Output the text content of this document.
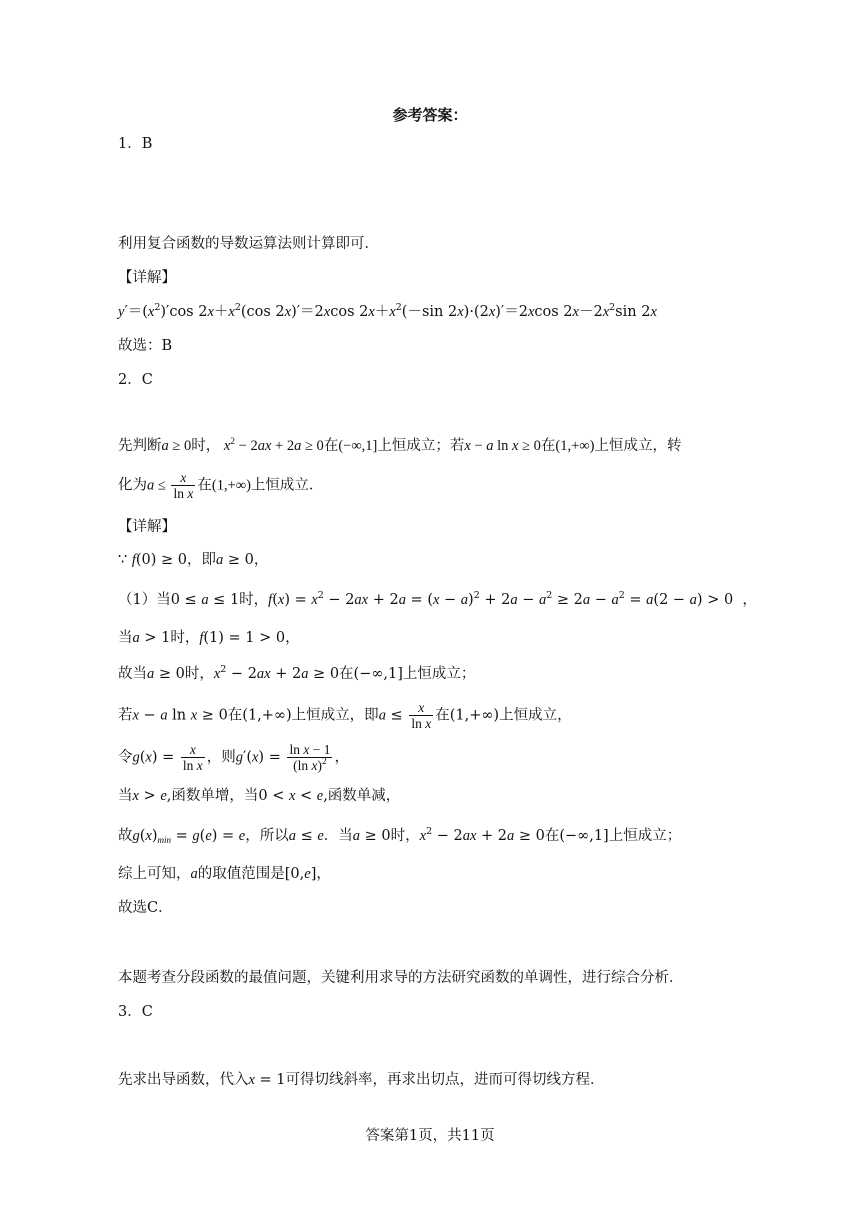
参考答案：
1．B
利用复合函数的导数运算法则计算即可．
【详解】
$y'=(x^2)'\cos$ $2x+x^2(\cos$ 2x)′＝2xcos $2x+x^2(-\sin$ 2x)·(2x)′＝2xcos $2x-2x^2\sin$ 2x
故选：B
2．C
先判断a ≥ 0时， $x^2 - 2ax + 2a \ge 0$在(−∞,1]上恒成立；若x − a ln x ≥ 0在(1,+∞)上恒成立，转
化为$a \le \frac{x}{\text{ln x}}$ 在(1,+∞)上恒成立．
【详解】
∵ f(0) ≥ 0，即a ≥ 0，
（1）当0 ≤ a ≤ 1时，$f(x) = x^2 - 2ax + 2a = (x - a)^2 + 2a - a^2 \ge 2a - a^2 = a(2 - a) > 0$  ，
当a > 1时，f(1) = 1 > 0，
故当a ≥ 0时，$x^2 - 2ax + 2a \ge 0$在(−∞,1]上恒成立；
若x − a ln x ≥ 0在(1,+∞)上恒成立，即$a \le \frac{x}{\text{ln x}}$ 在(1,+∞)上恒成立，
令$g(x) = \frac{x}{\text{ln x}}$ ，则$g'(x) = \frac{\text{ln x − 1}}{(\ln x)^2}$ ，
当x > e,函数单增，当0 < x < e,函数单减，
故$g(x)_{min} = g(e) = e$，所以a ≤ e．当a ≥ 0时，$x^2 - 2ax + 2a \ge 0$在(−∞,1]上恒成立；
综上可知，a的取值范围是[0,e]，
故选C．
本题考查分段函数的最值问题，关键利用求导的方法研究函数的单调性，进行综合分析．
3．C
先求出导函数，代入x = 1可得切线斜率，再求出切点，进而可得切线方程．
答案第1页，共11页
